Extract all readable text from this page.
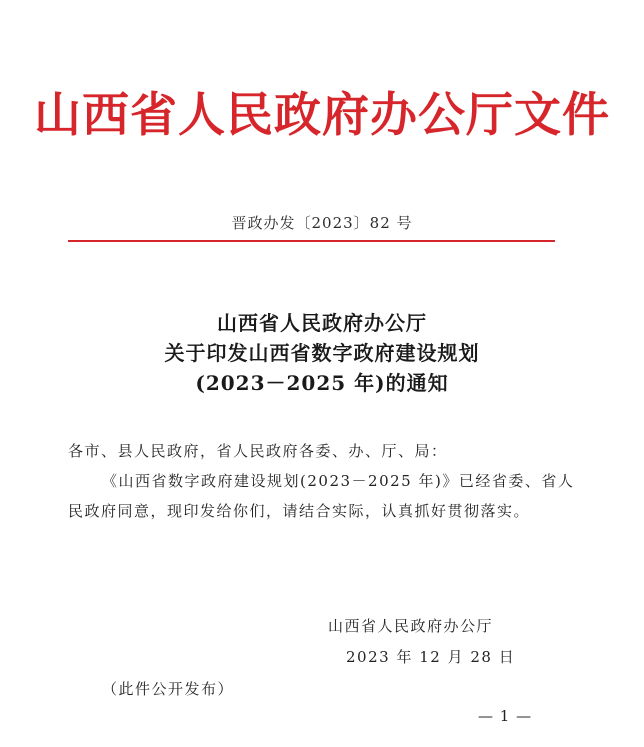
山西省人民政府办公厅文件
晋政办发〔2023〕82 号
山西省人民政府办公厅
关于印发山西省数字政府建设规划
(2023－2025 年)的通知
各市、县人民政府，省人民政府各委、办、厅、局：
《山西省数字政府建设规划(2023－2025 年)》已经省委、省人
民政府同意，现印发给你们，请结合实际，认真抓好贯彻落实。
山西省人民政府办公厅
2023 年 12 月 28 日
（此件公开发布）
— 1 —
